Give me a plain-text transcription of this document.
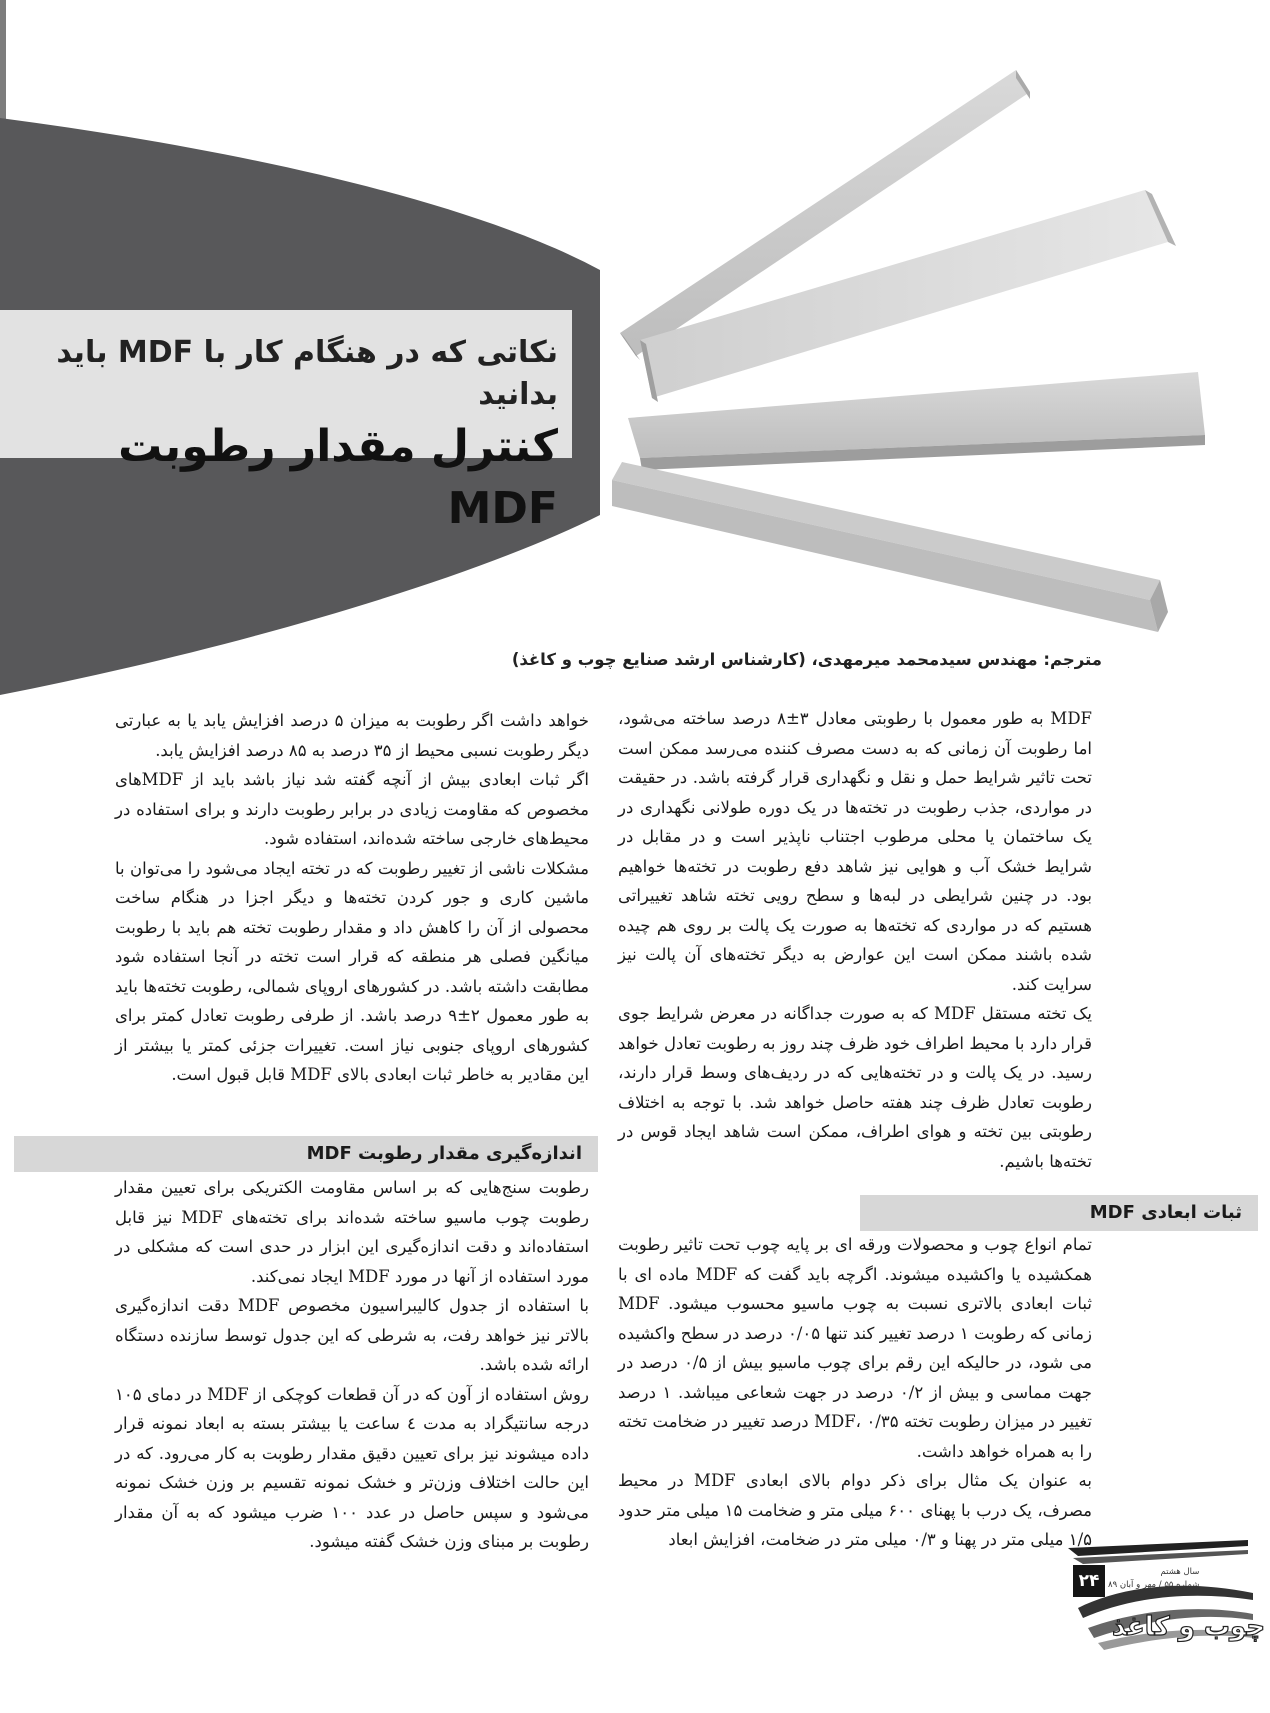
نکاتی که در هنگام کار با MDF باید بدانید
کنترل مقدار رطوبت MDF
مترجم: مهندس سیدمحمد میرمهدی، (کارشناس ارشد صنایع چوب و کاغذ)

MDF به طور معمول با رطوبتی معادل ۳±۸ درصد ساخته می‌شود، اما رطوبت آن زمانی که به دست مصرف کننده می‌رسد ممکن است تحت تاثیر شرایط حمل و نقل و نگهداری قرار گرفته باشد. در حقیقت در مواردی، جذب رطوبت در تخته‌ها در یک دوره طولانی نگهداری در یک ساختمان یا محلی مرطوب اجتناب ناپذیر است و در مقابل در شرایط خشک آب و هوایی نیز شاهد دفع رطوبت در تخته‌ها خواهیم بود. در چنین شرایطی در لبه‌ها و سطح رویی تخته شاهد تغییراتی هستیم که در مواردی که تخته‌ها به صورت یک پالت بر روی هم چیده شده باشند ممکن است این عوارض به دیگر تخته‌های آن پالت نیز سرایت کند.

یک تخته مستقل MDF که به صورت جداگانه در معرض شرایط جوی قرار دارد با محیط اطراف خود ظرف چند روز به رطوبت تعادل خواهد رسید. در یک پالت و در تخته‌هایی که در ردیف‌های وسط قرار دارند، رطوبت تعادل ظرف چند هفته حاصل خواهد شد. با توجه به اختلاف رطوبتی بین تخته و هوای اطراف، ممکن است شاهد ایجاد قوس در تخته‌ها باشیم.

ثبات ابعادی MDF

تمام انواع چوب و محصولات ورقه ای بر پایه چوب تحت تاثیر رطوبت همکشیده یا واکشیده میشوند. اگرچه باید گفت که MDF ماده ای با ثبات ابعادی بالاتری نسبت به چوب ماسیو محسوب میشود. MDF زمانی که رطوبت ۱ درصد تغییر کند تنها ۰/۰۵ درصد در سطح واکشیده می شود، در حالیکه این رقم برای چوب ماسیو بیش از ۰/۵ درصد در جهت مماسی و بیش از ۰/۲ درصد در جهت شعاعی میباشد. ۱ درصد تغییر در میزان رطوبت تخته MDF، ۰/۳۵ درصد تغییر در ضخامت تخته را به همراه خواهد داشت.

به عنوان یک مثال برای ذکر دوام بالای ابعادی MDF در محیط مصرف، یک درب با پهنای ۶۰۰ میلی متر و ضخامت ۱۵ میلی متر حدود ۱/۵ میلی متر در پهنا و ۰/۳ میلی متر در ضخامت، افزایش ابعاد

خواهد داشت اگر رطوبت به میزان ۵ درصد افزایش یابد یا به عبارتی دیگر رطوبت نسبی محیط از ۳۵ درصد به ۸۵ درصد افزایش یابد.

اگر ثبات ابعادی بیش از آنچه گفته شد نیاز باشد باید از MDFهای مخصوص که مقاومت زیادی در برابر رطوبت دارند و برای استفاده در محیط‌های خارجی ساخته شده‌اند، استفاده شود.

مشکلات ناشی از تغییر رطوبت که در تخته ایجاد می‌شود را می‌توان با ماشین کاری و جور کردن تخته‌ها و دیگر اجزا در هنگام ساخت محصولی از آن را کاهش داد و مقدار رطوبت تخته هم باید با رطوبت میانگین فصلی هر منطقه که قرار است تخته در آنجا استفاده شود مطابقت داشته باشد. در کشورهای اروپای شمالی، رطوبت تخته‌ها باید به طور معمول ۲±۹ درصد باشد. از طرفی رطوبت تعادل کمتر برای کشورهای اروپای جنوبی نیاز است. تغییرات جزئی کمتر یا بیشتر از این مقادیر به خاطر ثبات ابعادی بالای MDF قابل قبول است.

اندازه‌گیری مقدار رطوبت MDF

رطوبت سنج‌هایی که بر اساس مقاومت الکتریکی برای تعیین مقدار رطوبت چوب ماسیو ساخته شده‌اند برای تخته‌های MDF نیز قابل استفاده‌اند و دقت اندازه‌گیری این ابزار در حدی است که مشکلی در مورد استفاده از آنها در مورد MDF ایجاد نمی‌کند.

با استفاده از جدول کالیبراسیون مخصوص MDF دقت اندازه‌گیری بالاتر نیز خواهد رفت، به شرطی که این جدول توسط سازنده دستگاه ارائه شده باشد.

روش استفاده از آون که در آن قطعات کوچکی از MDF در دمای ۱۰۵ درجه سانتیگراد به مدت ٤ ساعت یا بیشتر بسته به ابعاد نمونه قرار داده میشوند نیز برای تعیین دقیق مقدار رطوبت به کار می‌رود. که در این حالت اختلاف وزن‌تر و خشک نمونه تقسیم بر وزن خشک نمونه می‌شود و سپس حاصل در عدد ۱۰۰ ضرب میشود که به آن مقدار رطوبت بر مبنای وزن خشک گفته میشود.

۲۴	سال هشتم
شماره ۵۵ / مهر و آبان ۸۹
چوب و کاغذ
